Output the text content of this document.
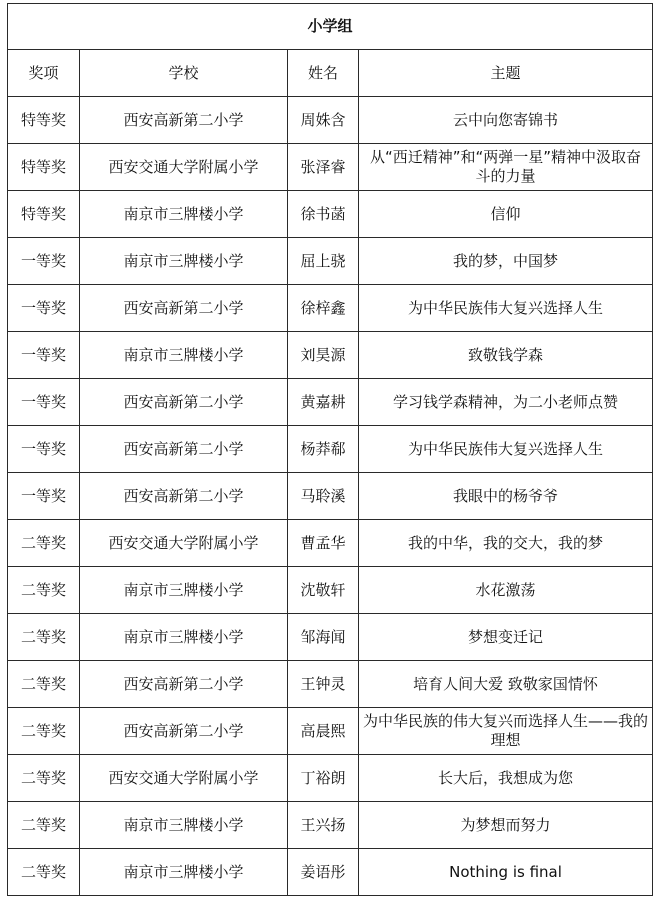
小学组			
奖项	学校	姓名	主题
特等奖	西安高新第二小学	周姝含	云中向您寄锦书
特等奖	西安交通大学附属小学	张泽睿	从“西迁精神”和“两弹一星”精神中汲取奋斗的力量
特等奖	南京市三牌楼小学	徐书菡	信仰
一等奖	南京市三牌楼小学	屈上骁	我的梦，中国梦
一等奖	西安高新第二小学	徐梓鑫	为中华民族伟大复兴选择人生
一等奖	南京市三牌楼小学	刘昊源	致敬钱学森
一等奖	西安高新第二小学	黄嘉耕	学习钱学森精神，为二小老师点赞
一等奖	西安高新第二小学	杨莽郗	为中华民族伟大复兴选择人生
一等奖	西安高新第二小学	马聆溪	我眼中的杨爷爷
二等奖	西安交通大学附属小学	曹孟华	我的中华，我的交大，我的梦
二等奖	南京市三牌楼小学	沈敬轩	水花激荡
二等奖	南京市三牌楼小学	邹海闻	梦想变迁记
二等奖	西安高新第二小学	王钟灵	培育人间大爱 致敬家国情怀
二等奖	西安高新第二小学	高晨熙	为中华民族的伟大复兴而选择人生——我的理想
二等奖	西安交通大学附属小学	丁裕朗	长大后，我想成为您
二等奖	南京市三牌楼小学	王兴扬	为梦想而努力
二等奖	南京市三牌楼小学	姜语彤	Nothing is final
